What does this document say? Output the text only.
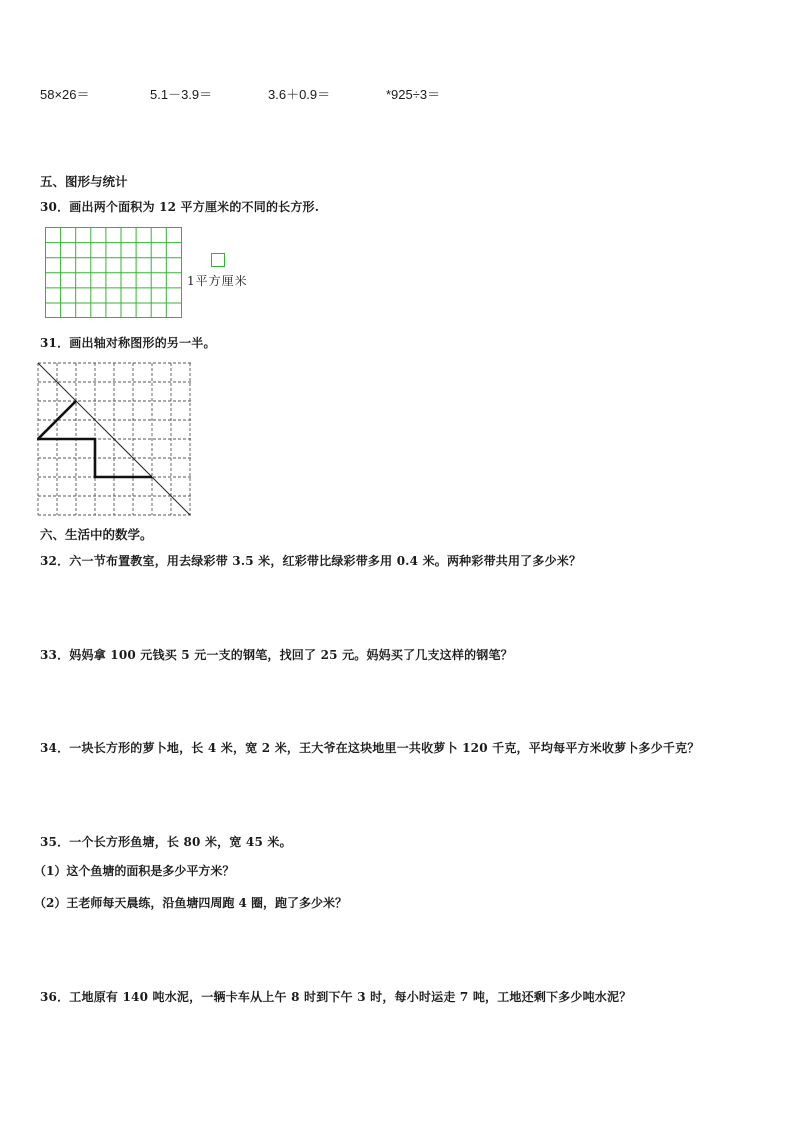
58×26＝	5.1－3.9＝	3.6＋0.9＝	*925÷3＝
五、图形与统计
30．画出两个面积为 12 平方厘米的不同的长方形.
1平方厘米
31．画出轴对称图形的另一半。
六、生活中的数学。
32．六一节布置教室，用去绿彩带 3.5 米，红彩带比绿彩带多用 0.4 米。两种彩带共用了多少米？
33．妈妈拿 100 元钱买 5 元一支的钢笔，找回了 25 元。妈妈买了几支这样的钢笔？
34．一块长方形的萝卜地，长 4 米，宽 2 米，王大爷在这块地里一共收萝卜 120 千克，平均每平方米收萝卜多少千克？
35．一个长方形鱼塘，长 80 米，宽 45 米。
（1）这个鱼塘的面积是多少平方米？
（2）王老师每天晨练，沿鱼塘四周跑 4 圈，跑了多少米？
36．工地原有 140 吨水泥，一辆卡车从上午 8 时到下午 3 时，每小时运走 7 吨，工地还剩下多少吨水泥？
